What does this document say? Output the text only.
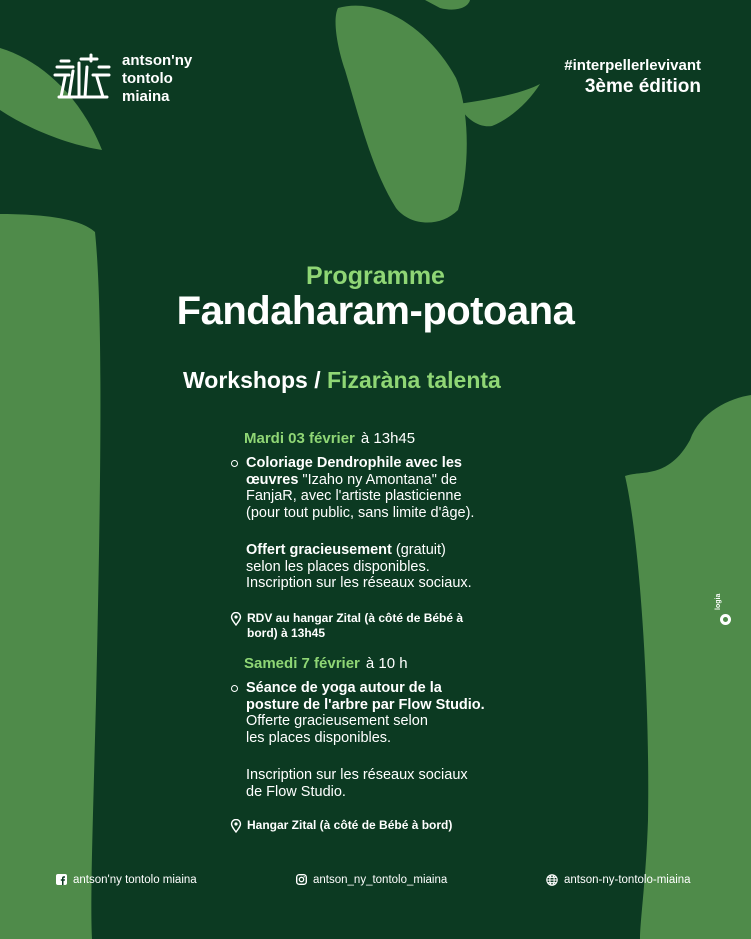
antson'ny
tontolo
miaina
#interpellerlevivant
3ème édition
Programme
Fandaharam-potoana
Workshops / Fizaràna talenta
Mardi 03 février à 13h45
Coloriage Dendrophile avec les
œuvres "Izaho ny Amontana" de
FanjaR, avec l'artiste plasticienne
(pour tout public, sans limite d'âge).
Offert gracieusement (gratuit)
selon les places disponibles.
Inscription sur les réseaux sociaux.
RDV au hangar Zital (à côté de Bébé à
bord) à 13h45
Samedi 7 février à 10 h
Séance de yoga autour de la
posture de l'arbre par Flow Studio.
Offerte gracieusement selon
les places disponibles.
Inscription sur les réseaux sociaux
de Flow Studio.
Hangar Zital (à côté de Bébé à bord)
logia
antson'ny tontolo miaina	antson_ny_tontolo_miaina	antson-ny-tontolo-miaina
